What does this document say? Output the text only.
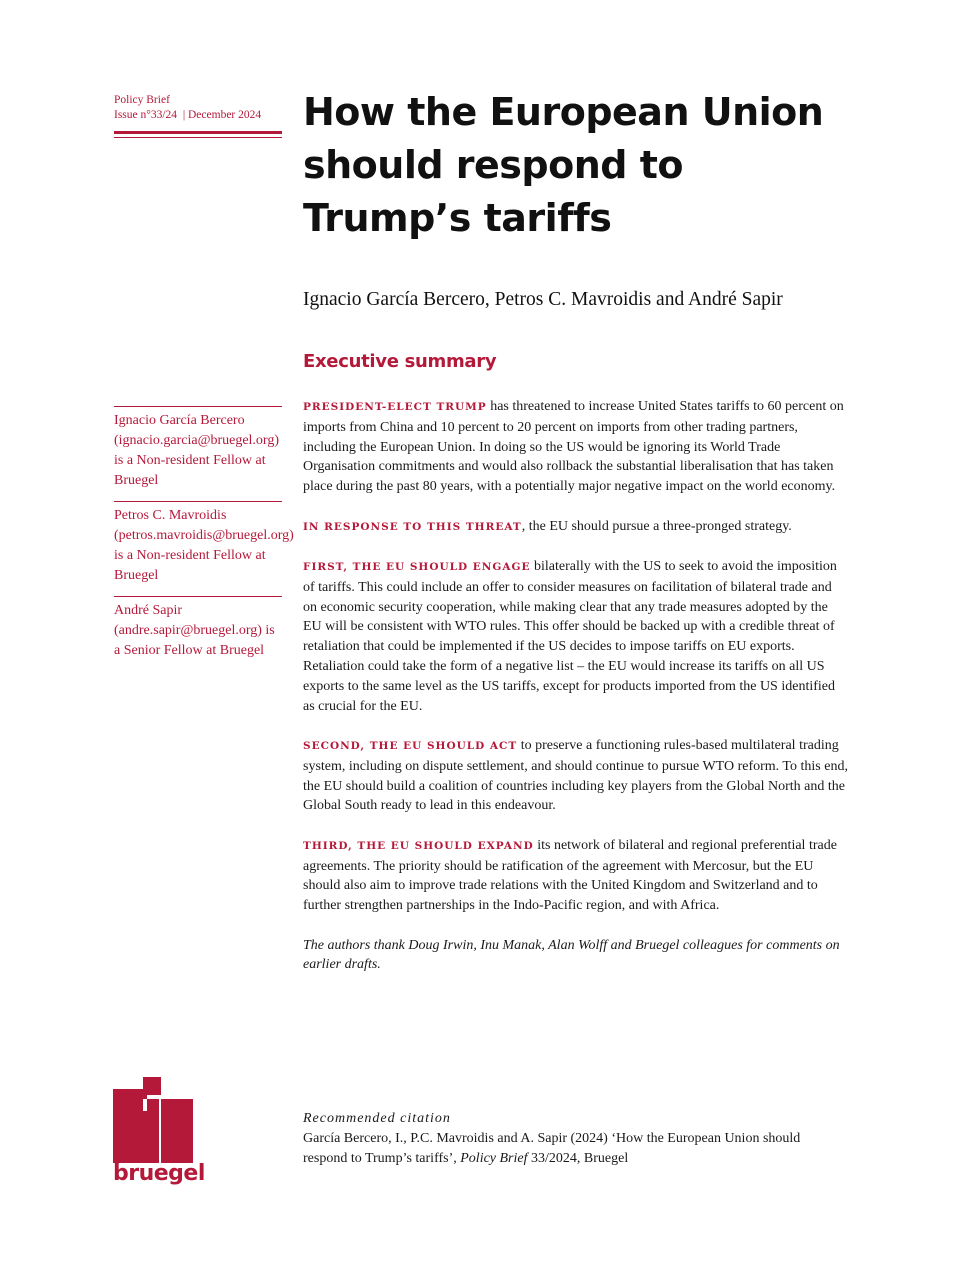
Policy Brief
Issue n°33/24  | December 2024	How the European Union should respond to Trump’s tariffs

Ignacio García Bercero, Petros C. Mavroidis and André Sapir

Executive summary
Ignacio García Bercero (ignacio.garcia@bruegel.org) is a Non-resident Fellow at Bruegel
Petros C. Mavroidis (petros.mavroidis@bruegel.org) is a Non-resident Fellow at Bruegel
André Sapir (andre.sapir@bruegel.org) is a Senior Fellow at Bruegel

PRESIDENT-ELECT TRUMP has threatened to increase United States tariffs to 60 percent on imports from China and 10 percent to 20 percent on imports from other trading partners, including the European Union. In doing so the US would be ignoring its World Trade Organisation commitments and would also rollback the substantial liberalisation that has taken place during the past 80 years, with a potentially major negative impact on the world economy.

IN RESPONSE TO THIS THREAT, the EU should pursue a three-pronged strategy.

FIRST, THE EU SHOULD ENGAGE bilaterally with the US to seek to avoid the imposition of tariffs. This could include an offer to consider measures on facilitation of bilateral trade and on economic security cooperation, while making clear that any trade measures adopted by the EU will be consistent with WTO rules. This offer should be backed up with a credible threat of retaliation that could be implemented if the US decides to impose tariffs on EU exports. Retaliation could take the form of a negative list – the EU would increase its tariffs on all US exports to the same level as the US tariffs, except for products imported from the US identified as crucial for the EU.

SECOND, THE EU SHOULD ACT to preserve a functioning rules-based multilateral trading system, including on dispute settlement, and should continue to pursue WTO reform. To this end, the EU should build a coalition of countries including key players from the Global North and the Global South ready to lead in this endeavour.

THIRD, THE EU SHOULD EXPAND its network of bilateral and regional preferential trade agreements. The priority should be ratification of the agreement with Mercosur, but the EU should also aim to improve trade relations with the United Kingdom and Switzerland and to further strengthen partnerships in the Indo-Pacific region, and with Africa.

The authors thank Doug Irwin, Inu Manak, Alan Wolff and Bruegel colleagues for comments on earlier drafts.

bruegel
Recommended citation
García Bercero, I., P.C. Mavroidis and A. Sapir (2024) ‘How the European Union should respond to Trump’s tariffs’, Policy Brief 33/2024, Bruegel
